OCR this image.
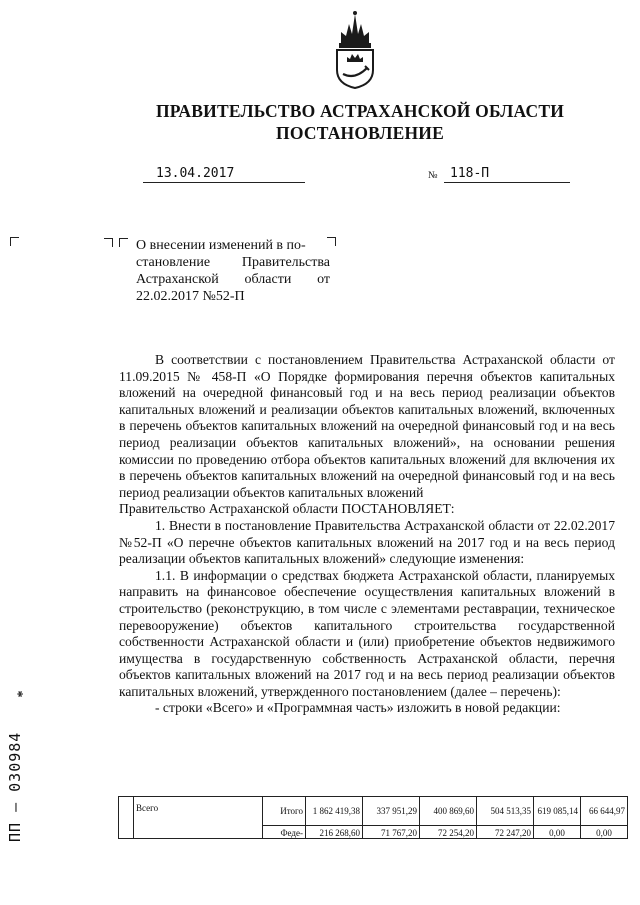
ПРАВИТЕЛЬСТВО АСТРАХАНСКОЙ ОБЛАСТИ
ПОСТАНОВЛЕНИЕ
13.04.2017	№ 118-П
О внесении изменений в по-
становление Правительства
Астраханской области от
22.02.2017 №52-П

В соответствии с постановлением Правительства Астраханской области от 11.09.2015 № 458-П «О Порядке формирования перечня объектов капитальных вложений на очередной финансовый год и на весь период реализации объектов капитальных вложений и реализации объектов капитальных вложений, включенных в перечень объектов капитальных вложений на очередной финансовый год и на весь период реализации объектов капитальных вложений», на основании решения комиссии по проведению отбора объектов капитальных вложений для включения их в перечень объектов капитальных вложений на очередной финансовый год и на весь период реализации объектов капитальных вложений

Правительство Астраханской области ПОСТАНОВЛЯЕТ:

1. Внести в постановление Правительства Астраханской области от 22.02.2017 №52-П «О перечне объектов капитальных вложений на 2017 год и на весь период реализации объектов капитальных вложений» следующие изменения:

1.1. В информации о средствах бюджета Астраханской области, планируемых направить на финансовое обеспечение осуществления капитальных вложений в строительство (реконструкцию, в том числе с элементами реставрации, техническое перевооружение) объектов капитального строительства государственной собственности Астраханской области и (или) приобретение объектов недвижимого имущества в государственную собственность Астраханской области, перечня объектов капитальных вложений на 2017 год и на весь период реализации объектов капитальных вложений, утвержденного постановлением (далее – перечень):

- строки «Всего» и «Программная часть» изложить в новой редакции:

	Всего	Итого	1 862 419,38	337 951,29	400 869,60	504 513,35	619 085,14	66 644,97
		Феде-	216 268,60	71 767,20	72 254,20	72 247,20	0,00	0,00
ПП – 030984
*
